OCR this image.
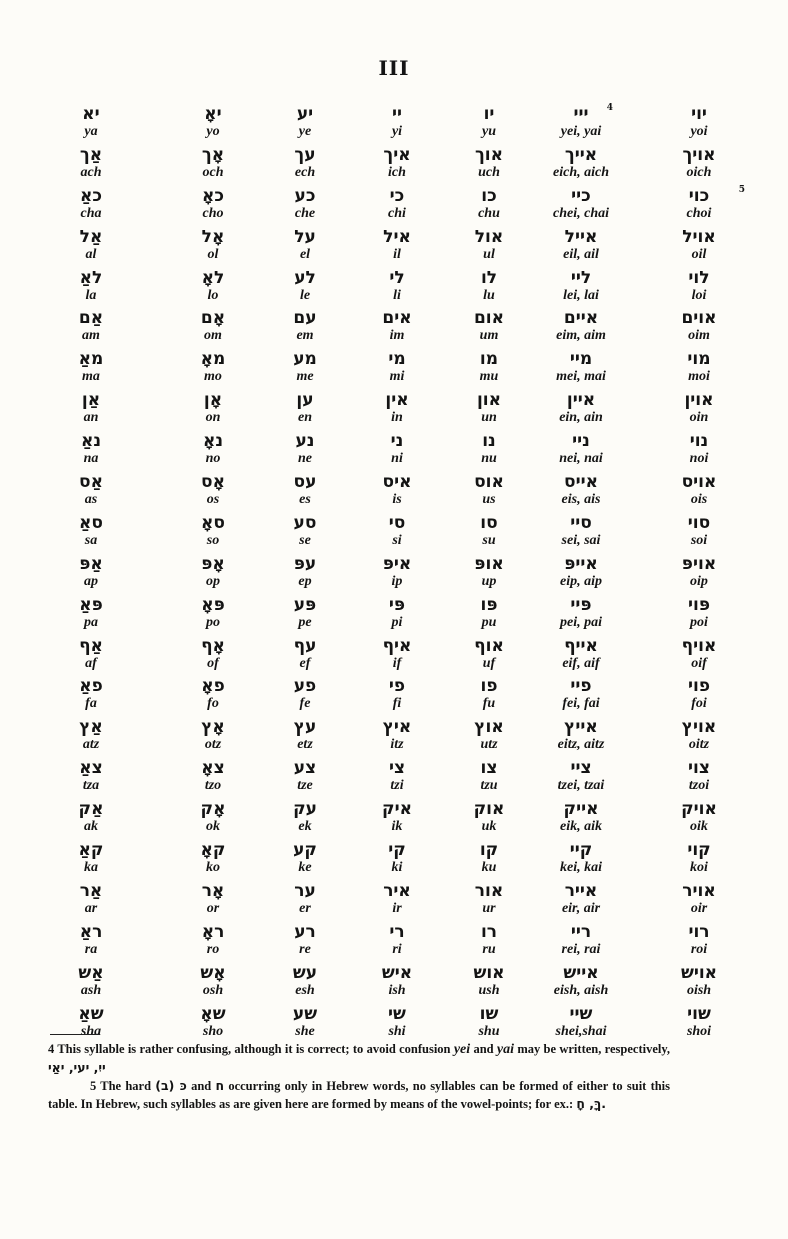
III
יא
ya
יאָ
yo
יע
ye
יי
yi
יו
yu
ייי 4
yei, yai
יוי
yoi
אַך
ach
אָך
och
עך
ech
איך
ich
אוך
uch
אייך
eich, aich
אויך
oich
כאַ
cha
כאָ
cho
כע
che
כי
chi
כו
chu
כיי
chei, chai
כוי	5
choi
אַל
al
אָל
ol
על
el
איל
il
אול
ul
אייל
eil, ail
אויל
oil
לאַ
la
לאָ
lo
לע
le
לי
li
לו
lu
ליי
lei, lai
לוי
loi
אַם
am
אָם
om
עם
em
אים
im
אום
um
איים
eim, aim
אוים
oim
מאַ
ma
מאָ
mo
מע
me
מי
mi
מו
mu
מיי
mei, mai
מוי
moi
אַן
an
אָן
on
ען
en
אין
in
און
un
איין
ein, ain
אוין
oin
נאַ
na
נאָ
no
נע
ne
ני
ni
נו
nu
ניי
nei, nai
נוי
noi
אַס
as
אָס
os
עס
es
איס
is
אוס
us
אייס
eis, ais
אויס
ois
סאַ
sa
סאָ
so
סע
se
סי
si
סו
su
סיי
sei, sai
סוי
soi
אַפּ
ap
אָפּ
op
עפּ
ep
איפּ
ip
אופּ
up
אייפּ
eip, aip
אויפּ
oip
פּאַ
pa
פּאָ
po
פּע
pe
פּי
pi
פּו
pu
פּיי
pei, pai
פּוי
poi
אַף
af
אָף
of
עף
ef
איף
if
אוף
uf
אייף
eif, aif
אויף
oif
פאַ
fa
פאָ
fo
פע
fe
פי
fi
פו
fu
פיי
fei, fai
פוי
foi
אַץ
atz
אָץ
otz
עץ
etz
איץ
itz
אוץ
utz
אייץ
eitz, aitz
אויץ
oitz
צאַ
tza
צאָ
tzo
צע
tze
צי
tzi
צו
tzu
ציי
tzei, tzai
צוי
tzoi
אַק
ak
אָק
ok
עק
ek
איק
ik
אוק
uk
אייק
eik, aik
אויק
oik
קאַ
ka
קאָ
ko
קע
ke
קי
ki
קו
ku
קיי
kei, kai
קוי
koi
אַר
ar
אָר
or
ער
er
איר
ir
אור
ur
אייר
eir, air
אויר
oir
ראַ
ra
ראָ
ro
רע
re
רי
ri
רו
ru
ריי
rei, rai
רוי
roi
אַש
ash
אָש
osh
עש
esh
איש
ish
אוש
ush
אייש
eish, aish
אויש
oish
שאַ
sha
שאָ
sho
שע
she
שי
shi
שו
shu
שיי
shei,shai
שוי
shoi

4 This syllable is rather confusing, although it is correct; to avoid confusion yei and yai may be written, respectively, ייִ, יעי, יאַי

5 The hard כּ (ב) and ח occurring only in Hebrew words, no syllables can be formed of either to suit this table. In Hebrew, such syllables as are given here are formed by means of the vowel-points; for ex.: ךָּ, חָ.
